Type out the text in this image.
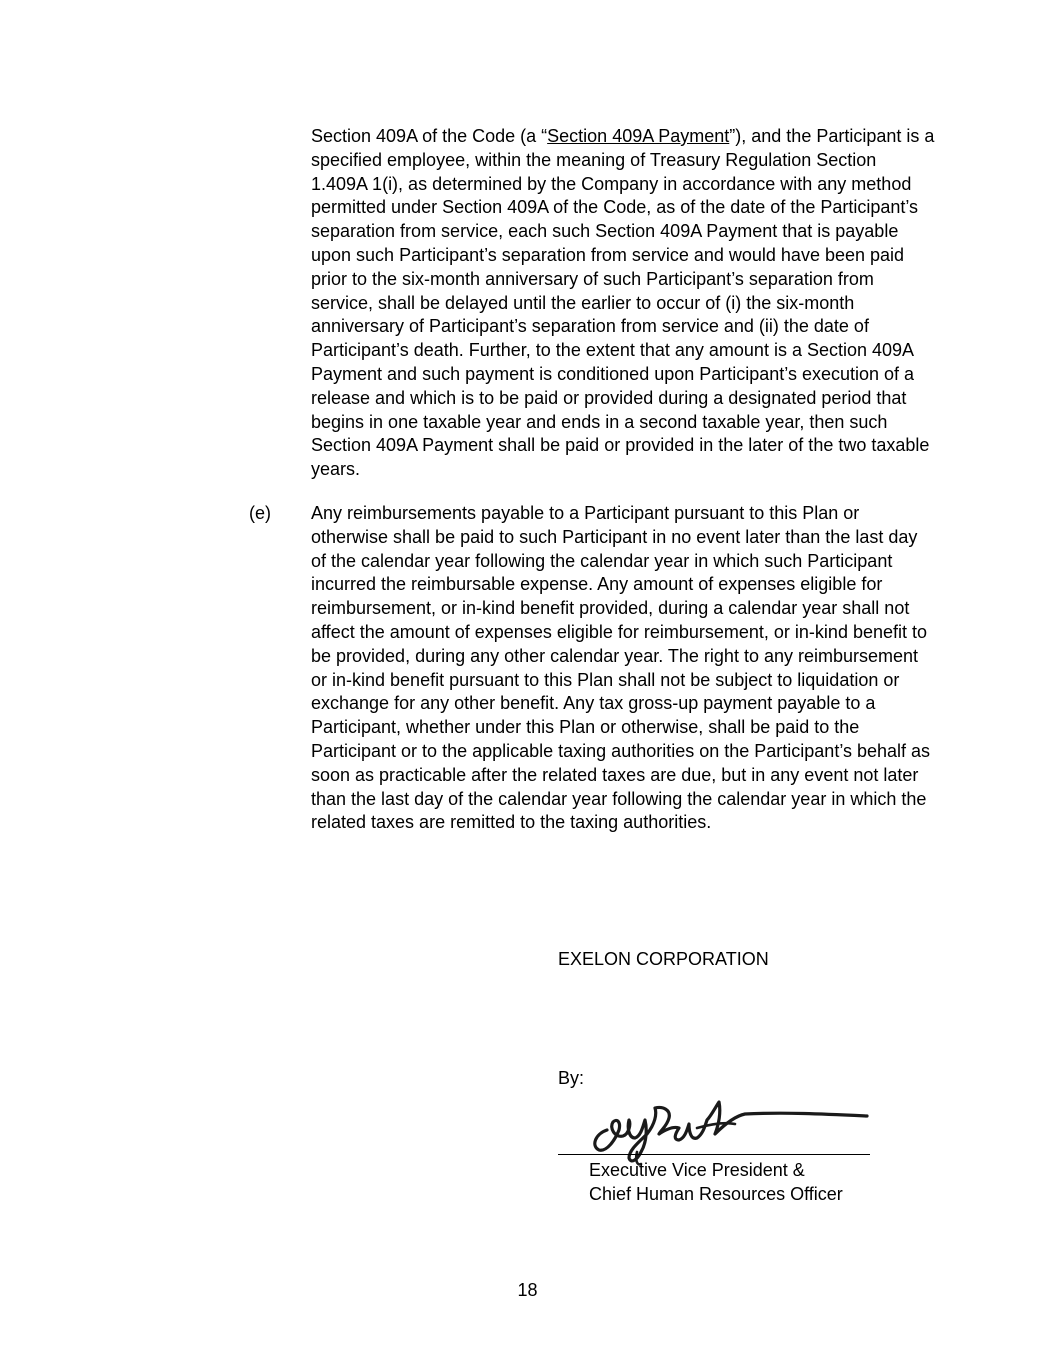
Section 409A of the Code (a “Section 409A Payment”), and the Participant is a specified employee, within the meaning of Treasury Regulation Section 1.409A 1(i), as determined by the Company in accordance with any method permitted under Section 409A of the Code, as of the date of the Participant’s separation from service, each such Section 409A Payment that is payable upon such Participant’s separation from service and would have been paid prior to the six-month anniversary of such Participant’s separation from service, shall be delayed until the earlier to occur of (i) the six-month anniversary of Participant’s separation from service and (ii) the date of Participant’s death. Further, to the extent that any amount is a Section 409A Payment and such payment is conditioned upon Participant’s execution of a release and which is to be paid or provided during a designated period that begins in one taxable year and ends in a second taxable year, then such Section 409A Payment shall be paid or provided in the later of the two taxable years.

(e) Any reimbursements payable to a Participant pursuant to this Plan or otherwise shall be paid to such Participant in no event later than the last day of the calendar year following the calendar year in which such Participant incurred the reimbursable expense. Any amount of expenses eligible for reimbursement, or in-kind benefit provided, during a calendar year shall not affect the amount of expenses eligible for reimbursement, or in-kind benefit to be provided, during any other calendar year. The right to any reimbursement or in-kind benefit pursuant to this Plan shall not be subject to liquidation or exchange for any other benefit. Any tax gross-up payment payable to a Participant, whether under this Plan or otherwise, shall be paid to the Participant or to the applicable taxing authorities on the Participant’s behalf as soon as practicable after the related taxes are due, but in any event not later than the last day of the calendar year following the calendar year in which the related taxes are remitted to the taxing authorities.

EXELON CORPORATION
By:
Executive Vice President &
Chief Human Resources Officer
18
